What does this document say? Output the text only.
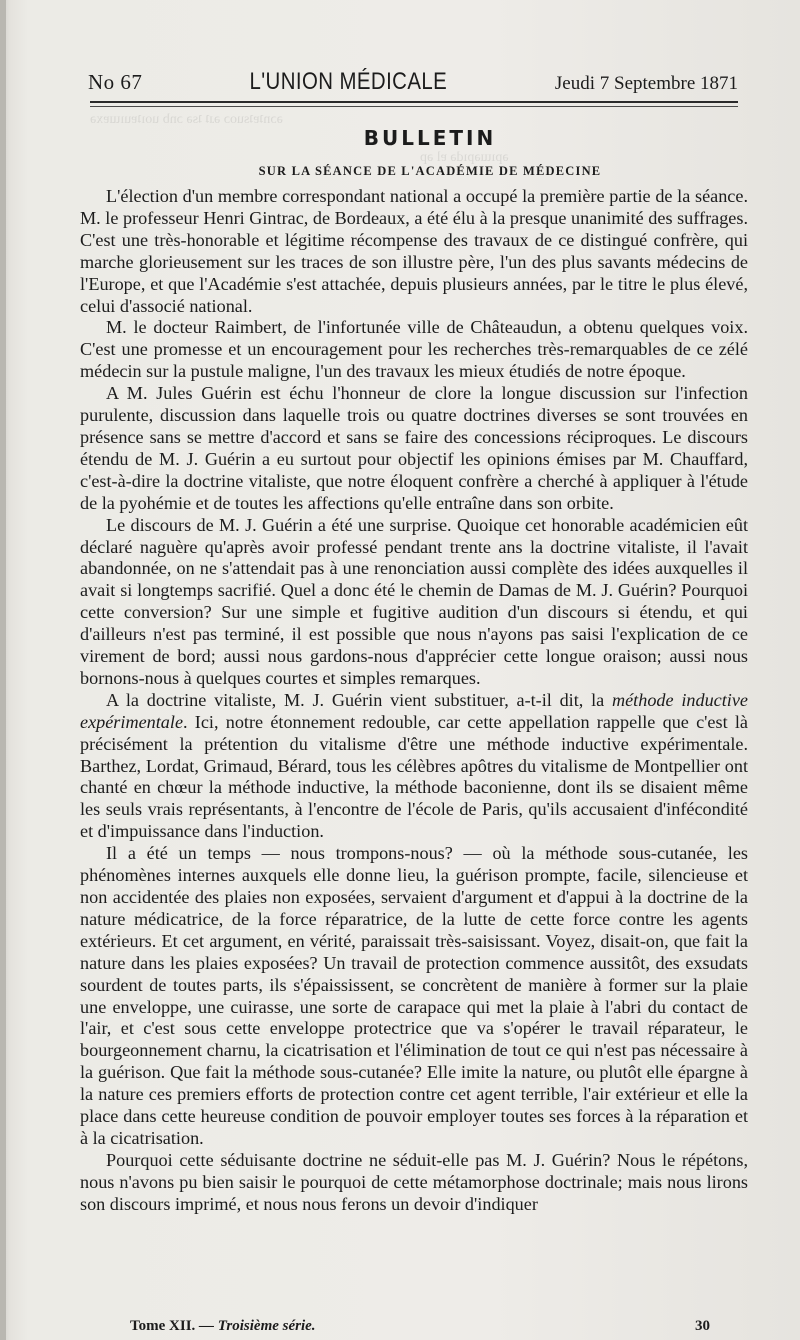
ǝɔnʇɐʇsuoɔ ǝɹʇ ʇsǝ ɔnb uoıʇɐuıɯɐxǝ
ǝpıɯǝpıdǝ ɐl ǝp
No 67	L'UNION MÉDICALE	Jeudi 7 Septembre 1871
BULLETIN
SUR LA SÉANCE DE L'ACADÉMIE DE MÉDECINE

L'élection d'un membre correspondant national a occupé la première partie de la séance. M. le professeur Henri Gintrac, de Bordeaux, a été élu à la presque unanimité des suffrages. C'est une très-honorable et légitime récompense des travaux de ce distingué confrère, qui marche glorieusement sur les traces de son illustre père, l'un des plus savants médecins de l'Europe, et que l'Académie s'est attachée, depuis plusieurs années, par le titre le plus élevé, celui d'associé national.

M. le docteur Raimbert, de l'infortunée ville de Châteaudun, a obtenu quelques voix. C'est une promesse et un encouragement pour les recherches très-remarquables de ce zélé médecin sur la pustule maligne, l'un des travaux les mieux étudiés de notre époque.

A M. Jules Guérin est échu l'honneur de clore la longue discussion sur l'infection purulente, discussion dans laquelle trois ou quatre doctrines diverses se sont trouvées en présence sans se mettre d'accord et sans se faire des concessions réciproques. Le discours étendu de M. J. Guérin a eu surtout pour objectif les opinions émises par M. Chauffard, c'est-à-dire la doctrine vitaliste, que notre éloquent confrère a cherché à appliquer à l'étude de la pyohémie et de toutes les affections qu'elle entraîne dans son orbite.

Le discours de M. J. Guérin a été une surprise. Quoique cet honorable académicien eût déclaré naguère qu'après avoir professé pendant trente ans la doctrine vitaliste, il l'avait abandonnée, on ne s'attendait pas à une renonciation aussi complète des idées auxquelles il avait si longtemps sacrifié. Quel a donc été le chemin de Damas de M. J. Guérin? Pourquoi cette conversion? Sur une simple et fugitive audition d'un discours si étendu, et qui d'ailleurs n'est pas terminé, il est possible que nous n'ayons pas saisi l'explication de ce virement de bord; aussi nous gardons-nous d'apprécier cette longue oraison; aussi nous bornons-nous à quelques courtes et simples remarques.

A la doctrine vitaliste, M. J. Guérin vient substituer, a-t-il dit, la méthode inductive expérimentale. Ici, notre étonnement redouble, car cette appellation rappelle que c'est là précisément la prétention du vitalisme d'être une méthode inductive expérimentale. Barthez, Lordat, Grimaud, Bérard, tous les célèbres apôtres du vitalisme de Montpellier ont chanté en chœur la méthode inductive, la méthode baconienne, dont ils se disaient même les seuls vrais représentants, à l'encontre de l'école de Paris, qu'ils accusaient d'infécondité et d'impuissance dans l'induction.

Il a été un temps — nous trompons-nous? — où la méthode sous-cutanée, les phénomènes internes auxquels elle donne lieu, la guérison prompte, facile, silencieuse et non accidentée des plaies non exposées, servaient d'argument et d'appui à la doctrine de la nature médicatrice, de la force réparatrice, de la lutte de cette force contre les agents extérieurs. Et cet argument, en vérité, paraissait très-saisissant. Voyez, disait-on, que fait la nature dans les plaies exposées? Un travail de protection commence aussitôt, des exsudats sourdent de toutes parts, ils s'épaississent, se concrètent de manière à former sur la plaie une enveloppe, une cuirasse, une sorte de carapace qui met la plaie à l'abri du contact de l'air, et c'est sous cette enveloppe protectrice que va s'opérer le travail réparateur, le bourgeonnement charnu, la cicatrisation et l'élimination de tout ce qui n'est pas nécessaire à la guérison. Que fait la méthode sous-cutanée? Elle imite la nature, ou plutôt elle épargne à la nature ces premiers efforts de protection contre cet agent terrible, l'air extérieur et elle la place dans cette heureuse condition de pouvoir employer toutes ses forces à la réparation et à la cicatrisation.

Pourquoi cette séduisante doctrine ne séduit-elle pas M. J. Guérin? Nous le répétons, nous n'avons pu bien saisir le pourquoi de cette métamorphose doctrinale; mais nous lirons son discours imprimé, et nous nous ferons un devoir d'indiquer

Tome XII. — Troisième série.	30
